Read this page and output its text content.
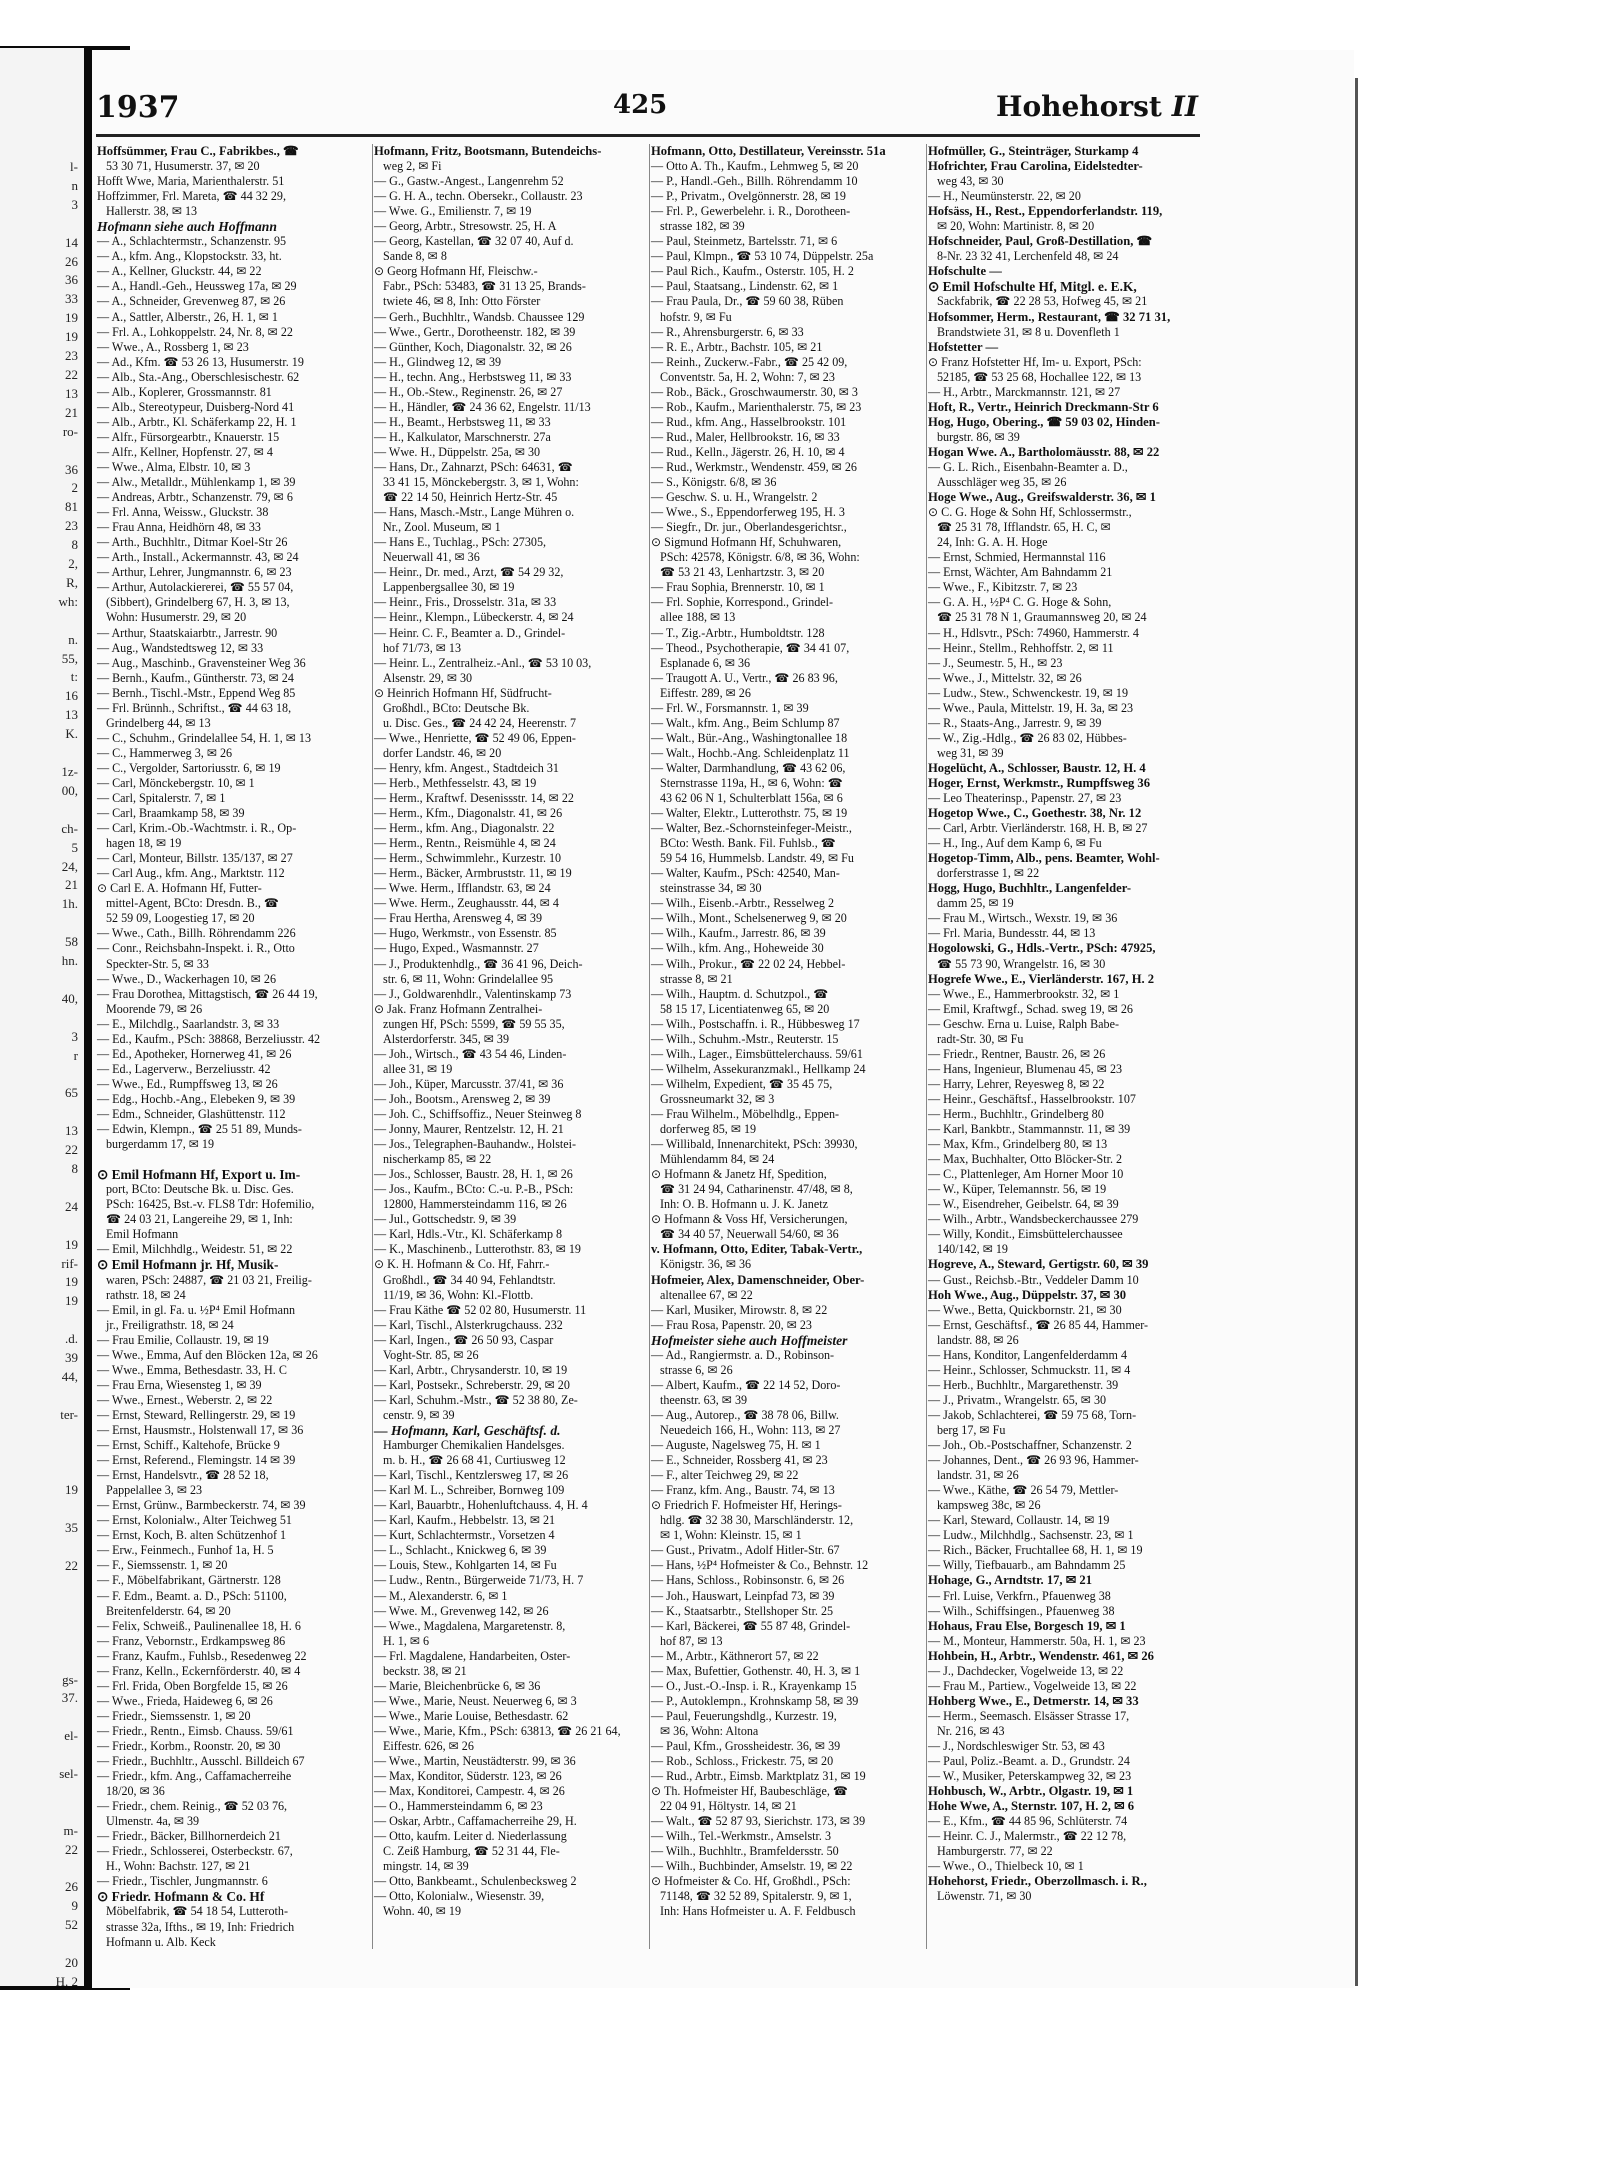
l-
n
3

14
26
36
33
19
19
23
22
13
21
ro-

36
2
81
23
8
2,
R,
wh:

n.
55,
t:
16
13
K.

1z-
00,

ch-
5
24,
21
1h.

58
hn.

40,

3
r

65

13
22
8

24

19
rif-
19
19

.d.
39
44,

ter-

19

35

22

gs-
37.

el-

sel-

m-
22

26
9
52

20
H. 2

1937	425	Hohehorst II
Hoffsümmer, Frau C., Fabrikbes., ☎
53 30 71, Husumerstr. 37, ✉ 20
Hofft Wwe, Maria, Marienthalerstr. 51
Hoffzimmer, Frl. Mareta, ☎ 44 32 29,
Hallerstr. 38, ✉ 13
Hofmann siehe auch Hoffmann
— A., Schlachtermstr., Schanzenstr. 95
— A., kfm. Ang., Klopstockstr. 33, ht.
— A., Kellner, Gluckstr. 44, ✉ 22
— A., Handl.-Geh., Heussweg 17a, ✉ 29
— A., Schneider, Grevenweg 87, ✉ 26
— A., Sattler, Alberstr., 26, H. 1, ✉ 1
— Frl. A., Lohkoppelstr. 24, Nr. 8, ✉ 22
— Wwe., A., Rossberg 1, ✉ 23
— Ad., Kfm. ☎ 53 26 13, Husumerstr. 19
— Alb., Sta.-Ang., Oberschlesischestr. 62
— Alb., Koplerer, Grossmannstr. 81
— Alb., Stereotypeur, Duisberg-Nord 41
— Alb., Arbtr., Kl. Schäferkamp 22, H. 1
— Alfr., Fürsorgearbtr., Knauerstr. 15
— Alfr., Kellner, Hopfenstr. 27, ✉ 4
— Wwe., Alma, Elbstr. 10, ✉ 3
— Alw., Metalldr., Mühlenkamp 1, ✉ 39
— Andreas, Arbtr., Schanzenstr. 79, ✉ 6
— Frl. Anna, Weissw., Gluckstr. 38
— Frau Anna, Heidhörn 48, ✉ 33
— Arth., Buchhltr., Ditmar Koel-Str 26
— Arth., Install., Ackermannstr. 43, ✉ 24
— Arthur, Lehrer, Jungmannstr. 6, ✉ 23
— Arthur, Autolackiererei, ☎ 55 57 04,
(Sibbert), Grindelberg 67, H. 3, ✉ 13,
Wohn: Husumerstr. 29, ✉ 20
— Arthur, Staatskaiarbtr., Jarrestr. 90
— Aug., Wandstedtsweg 12, ✉ 33
— Aug., Maschinb., Gravensteiner Weg 36
— Bernh., Kaufm., Güntherstr. 73, ✉ 24
— Bernh., Tischl.-Mstr., Eppend Weg 85
— Frl. Brünnh., Schriftst., ☎ 44 63 18,
Grindelberg 44, ✉ 13
— C., Schuhm., Grindelallee 54, H. 1, ✉ 13
— C., Hammerweg 3, ✉ 26
— C., Vergolder, Sartoriusstr. 6, ✉ 19
— Carl, Mönckebergstr. 10, ✉ 1
— Carl, Spitalerstr. 7, ✉ 1
— Carl, Braamkamp 58, ✉ 39
— Carl, Krim.-Ob.-Wachtmstr. i. R., Op-
hagen 18, ✉ 19
— Carl, Monteur, Billstr. 135/137, ✉ 27
— Carl Aug., kfm. Ang., Marktstr. 112
⊙ Carl E. A. Hofmann Hf, Futter-
mittel-Agent, BCto: Dresdn. B., ☎
52 59 09, Loogestieg 17, ✉ 20
— Wwe., Cath., Billh. Röhrendamm 226
— Conr., Reichsbahn-Inspekt. i. R., Otto
Speckter-Str. 5, ✉ 33
— Wwe., D., Wackerhagen 10, ✉ 26
— Frau Dorothea, Mittagstisch, ☎ 26 44 19,
Moorende 79, ✉ 26
— E., Milchdlg., Saarlandstr. 3, ✉ 33
— Ed., Kaufm., PSch: 38868, Berzeliusstr. 42
— Ed., Apotheker, Hornerweg 41, ✉ 26
— Ed., Lagerverw., Berzeliusstr. 42
— Wwe., Ed., Rumpffsweg 13, ✉ 26
— Edg., Hochb.-Ang., Elebeken 9, ✉ 39
— Edm., Schneider, Glashüttenstr. 112
— Edwin, Klempn., ☎ 25 51 89, Munds-
burgerdamm 17, ✉ 19

⊙ Emil Hofmann Hf, Export u. Im-
port, BCto: Deutsche Bk. u. Disc. Ges.
PSch: 16425, Bst.-v. FLS8 Tdr: Hofemilio,
☎ 24 03 21, Langereihe 29, ✉ 1, Inh:
Emil Hofmann
— Emil, Milchhdlg., Weidestr. 51, ✉ 22
⊙ Emil Hofmann jr. Hf, Musik-
waren, PSch: 24887, ☎ 21 03 21, Freilig-
rathstr. 18, ✉ 24
— Emil, in gl. Fa. u. ½P⁴ Emil Hofmann
jr., Freiligrathstr. 18, ✉ 24
— Frau Emilie, Collaustr. 19, ✉ 19
— Wwe., Emma, Auf den Blöcken 12a, ✉ 26
— Wwe., Emma, Bethesdastr. 33, H. C
— Frau Erna, Wiesensteg 1, ✉ 39
— Wwe., Ernest., Weberstr. 2, ✉ 22
— Ernst, Steward, Rellingerstr. 29, ✉ 19
— Ernst, Hausmstr., Holstenwall 17, ✉ 36
— Ernst, Schiff., Kaltehofe, Brücke 9
— Ernst, Referend., Flemingstr. 14 ✉ 39
— Ernst, Handelsvtr., ☎ 28 52 18,
Pappelallee 3, ✉ 23
— Ernst, Grünw., Barmbeckerstr. 74, ✉ 39
— Ernst, Kolonialw., Alter Teichweg 51
— Ernst, Koch, B. alten Schützenhof 1
— Erw., Feinmech., Funhof 1a, H. 5
— F., Siemssenstr. 1, ✉ 20
— F., Möbelfabrikant, Gärtnerstr. 128
— F. Edm., Beamt. a. D., PSch: 51100,
Breitenfelderstr. 64, ✉ 20
— Felix, Schweiß., Paulinenallee 18, H. 6
— Franz, Vebornstr., Erdkampsweg 86
— Franz, Kaufm., Fuhlsb., Resedenweg 22
— Franz, Kelln., Eckernförderstr. 40, ✉ 4
— Frl. Frida, Oben Borgfelde 15, ✉ 26
— Wwe., Frieda, Haideweg 6, ✉ 26
— Friedr., Siemssenstr. 1, ✉ 20
— Friedr., Rentn., Eimsb. Chauss. 59/61
— Friedr., Korbm., Roonstr. 20, ✉ 30
— Friedr., Buchhltr., Ausschl. Billdeich 67
— Friedr., kfm. Ang., Caffamacherreihe
18/20, ✉ 36
— Friedr., chem. Reinig., ☎ 52 03 76,
Ulmenstr. 4a, ✉ 39
— Friedr., Bäcker, Billhornerdeich 21
— Friedr., Schlosserei, Osterbeckstr. 67,
H., Wohn: Bachstr. 127, ✉ 21
— Friedr., Tischler, Jungmannstr. 6
⊙ Friedr. Hofmann & Co. Hf
Möbelfabrik, ☎ 54 18 54, Lutteroth-
strasse 32a, Ifths., ✉ 19, Inh: Friedrich
Hofmann u. Alb. Keck
Hofmann, Fritz, Bootsmann, Butendeichs-
weg 2, ✉ Fi
— G., Gastw.-Angest., Langenrehm 52
— G. H. A., techn. Obersekr., Collaustr. 23
— Wwe. G., Emilienstr. 7, ✉ 19
— Georg, Arbtr., Stresowstr. 25, H. A
— Georg, Kastellan, ☎ 32 07 40, Auf d.
Sande 8, ✉ 8
⊙ Georg Hofmann Hf, Fleischw.-
Fabr., PSch: 53483, ☎ 31 13 25, Brands-
twiete 46, ✉ 8, Inh: Otto Förster
— Gerh., Buchhltr., Wandsb. Chaussee 129
— Wwe., Gertr., Dorotheenstr. 182, ✉ 39
— Günther, Koch, Diagonalstr. 32, ✉ 26
— H., Glindweg 12, ✉ 39
— H., techn. Ang., Herbstsweg 11, ✉ 33
— H., Ob.-Stew., Reginenstr. 26, ✉ 27
— H., Händler, ☎ 24 36 62, Engelstr. 11/13
— H., Beamt., Herbstsweg 11, ✉ 33
— H., Kalkulator, Marschnerstr. 27a
— Wwe. H., Düppelstr. 25a, ✉ 30
— Hans, Dr., Zahnarzt, PSch: 64631, ☎
33 41 15, Mönckebergstr. 3, ✉ 1, Wohn:
☎ 22 14 50, Heinrich Hertz-Str. 45
— Hans, Masch.-Mstr., Lange Mühren o.
Nr., Zool. Museum, ✉ 1
— Hans E., Tuchlag., PSch: 27305,
Neuerwall 41, ✉ 36
— Heinr., Dr. med., Arzt, ☎ 54 29 32,
Lappenbergsallee 30, ✉ 19
— Heinr., Fris., Drosselstr. 31a, ✉ 33
— Heinr., Klempn., Lübeckerstr. 4, ✉ 24
— Heinr. C. F., Beamter a. D., Grindel-
hof 71/73, ✉ 13
— Heinr. L., Zentralheiz.-Anl., ☎ 53 10 03,
Alsenstr. 29, ✉ 30
⊙ Heinrich Hofmann Hf, Südfrucht-
Großhdl., BCto: Deutsche Bk.
u. Disc. Ges., ☎ 24 42 24, Heerenstr. 7
— Wwe., Henriette, ☎ 52 49 06, Eppen-
dorfer Landstr. 46, ✉ 20
— Henry, kfm. Angest., Stadtdeich 31
— Herb., Methfesselstr. 43, ✉ 19
— Herm., Kraftwf. Desenissstr. 14, ✉ 22
— Herm., Kfm., Diagonalstr. 41, ✉ 26
— Herm., kfm. Ang., Diagonalstr. 22
— Herm., Rentn., Reismühle 4, ✉ 24
— Herm., Schwimmlehr., Kurzestr. 10
— Herm., Bäcker, Armbruststr. 11, ✉ 19
— Wwe. Herm., Ifflandstr. 63, ✉ 24
— Wwe. Herm., Zeughausstr. 44, ✉ 4
— Frau Hertha, Arensweg 4, ✉ 39
— Hugo, Werkmstr., von Essenstr. 85
— Hugo, Exped., Wasmannstr. 27
— J., Produktenhdlg., ☎ 36 41 96, Deich-
str. 6, ✉ 11, Wohn: Grindelallee 95
— J., Goldwarenhdlr., Valentinskamp 73
⊙ Jak. Franz Hofmann Zentralhei-
zungen Hf, PSch: 5599, ☎ 59 55 35,
Alsterdorferstr. 345, ✉ 39
— Joh., Wirtsch., ☎ 43 54 46, Linden-
allee 31, ✉ 19
— Joh., Küper, Marcusstr. 37/41, ✉ 36
— Joh., Bootsm., Arensweg 2, ✉ 39
— Joh. C., Schiffsoffiz., Neuer Steinweg 8
— Jonny, Maurer, Rentzelstr. 12, H. 21
— Jos., Telegraphen-Bauhandw., Holstei-
nischerkamp 85, ✉ 22
— Jos., Schlosser, Baustr. 28, H. 1, ✉ 26
— Jos., Kaufm., BCto: C.-u. P.-B., PSch:
12800, Hammersteindamm 116, ✉ 26
— Jul., Gottschedstr. 9, ✉ 39
— Karl, Hdls.-Vtr., Kl. Schäferkamp 8
— K., Maschinenb., Lutterothstr. 83, ✉ 19
⊙ K. H. Hofmann & Co. Hf, Fahrr.-
Großhdl., ☎ 34 40 94, Fehlandtstr.
11/19, ✉ 36, Wohn: Kl.-Flottb.
— Frau Käthe ☎ 52 02 80, Husumerstr. 11
— Karl, Tischl., Alsterkrugchauss. 232
— Karl, Ingen., ☎ 26 50 93, Caspar
Voght-Str. 85, ✉ 26
— Karl, Arbtr., Chrysanderstr. 10, ✉ 19
— Karl, Postsekr., Schreberstr. 29, ✉ 20
— Karl, Schuhm.-Mstr., ☎ 52 38 80, Ze-
censtr. 9, ✉ 39
— Hofmann, Karl, Geschäftsf. d.
Hamburger Chemikalien Handelsges.
m. b. H., ☎ 26 68 41, Curtiusweg 12
— Karl, Tischl., Kentzlersweg 17, ✉ 26
— Karl M. L., Schreiber, Bornweg 109
— Karl, Bauarbtr., Hohenluftchauss. 4, H. 4
— Karl, Kaufm., Hebbelstr. 13, ✉ 21
— Kurt, Schlachtermstr., Vorsetzen 4
— L., Schlacht., Knickweg 6, ✉ 39
— Louis, Stew., Kohlgarten 14, ✉ Fu
— Ludw., Rentn., Bürgerweide 71/73, H. 7
— M., Alexanderstr. 6, ✉ 1
— Wwe. M., Grevenweg 142, ✉ 26
— Wwe., Magdalena, Margaretenstr. 8,
H. 1, ✉ 6
— Frl. Magdalene, Handarbeiten, Oster-
beckstr. 38, ✉ 21
— Marie, Bleichenbrücke 6, ✉ 36
— Wwe., Marie, Neust. Neuerweg 6, ✉ 3
— Wwe., Marie Louise, Bethesdastr. 62
— Wwe., Marie, Kfm., PSch: 63813, ☎ 26 21 64,
Eiffestr. 626, ✉ 26
— Wwe., Martin, Neustädterstr. 99, ✉ 36
— Max, Konditor, Süderstr. 123, ✉ 26
— Max, Konditorei, Campestr. 4, ✉ 26
— O., Hammersteindamm 6, ✉ 23
— Oskar, Arbtr., Caffamacherreihe 29, H.
— Otto, kaufm. Leiter d. Niederlassung
C. Zeiß Hamburg, ☎ 52 31 44, Fle-
mingstr. 14, ✉ 39
— Otto, Bankbeamt., Schulenbecksweg 2
— Otto, Kolonialw., Wiesenstr. 39,
Wohn. 40, ✉ 19
Hofmann, Otto, Destillateur, Vereinsstr. 51a
— Otto A. Th., Kaufm., Lehmweg 5, ✉ 20
— P., Handl.-Geh., Billh. Röhrendamm 10
— P., Privatm., Ovelgönnerstr. 28, ✉ 19
— Frl. P., Gewerbelehr. i. R., Dorotheen-
strasse 182, ✉ 39
— Paul, Steinmetz, Bartelsstr. 71, ✉ 6
— Paul, Klmpn., ☎ 53 10 74, Düppelstr. 25a
— Paul Rich., Kaufm., Osterstr. 105, H. 2
— Paul, Staatsang., Lindenstr. 62, ✉ 1
— Frau Paula, Dr., ☎ 59 60 38, Rüben
hofstr. 9, ✉ Fu
— R., Ahrensburgerstr. 6, ✉ 33
— R. E., Arbtr., Bachstr. 105, ✉ 21
— Reinh., Zuckerw.-Fabr., ☎ 25 42 09,
Conventstr. 5a, H. 2, Wohn: 7, ✉ 23
— Rob., Bäck., Groschwaumerstr. 30, ✉ 3
— Rob., Kaufm., Marienthalerstr. 75, ✉ 23
— Rud., kfm. Ang., Hasselbrookstr. 101
— Rud., Maler, Hellbrookstr. 16, ✉ 33
— Rud., Kelln., Jägerstr. 26, H. 10, ✉ 4
— Rud., Werkmstr., Wendenstr. 459, ✉ 26
— S., Königstr. 6/8, ✉ 36
— Geschw. S. u. H., Wrangelstr. 2
— Wwe., S., Eppendorferweg 195, H. 3
— Siegfr., Dr. jur., Oberlandesgerichtsr.,
⊙ Sigmund Hofmann Hf, Schuhwaren,
PSch: 42578, Königstr. 6/8, ✉ 36, Wohn:
☎ 53 21 43, Lenhartzstr. 3, ✉ 20
— Frau Sophia, Brennerstr. 10, ✉ 1
— Frl. Sophie, Korrespond., Grindel-
allee 188, ✉ 13
— T., Zig.-Arbtr., Humboldtstr. 128
— Theod., Psychotherapie, ☎ 34 41 07,
Esplanade 6, ✉ 36
— Traugott A. U., Vertr., ☎ 26 83 96,
Eiffestr. 289, ✉ 26
— Frl. W., Forsmannstr. 1, ✉ 39
— Walt., kfm. Ang., Beim Schlump 87
— Walt., Bür.-Ang., Washingtonallee 18
— Walt., Hochb.-Ang. Schleidenplatz 11
— Walter, Darmhandlung, ☎ 43 62 06,
Sternstrasse 119a, H., ✉ 6, Wohn: ☎
43 62 06 N 1, Schulterblatt 156a, ✉ 6
— Walter, Elektr., Lutterothstr. 75, ✉ 19
— Walter, Bez.-Schornsteinfeger-Meistr.,
BCto: Westh. Bank. Fil. Fuhlsb., ☎
59 54 16, Hummelsb. Landstr. 49, ✉ Fu
— Walter, Kaufm., PSch: 42540, Man-
steinstrasse 34, ✉ 30
— Wilh., Eisenb.-Arbtr., Resselweg 2
— Wilh., Mont., Schelsenerweg 9, ✉ 20
— Wilh., Kaufm., Jarrestr. 86, ✉ 39
— Wilh., kfm. Ang., Hoheweide 30
— Wilh., Prokur., ☎ 22 02 24, Hebbel-
strasse 8, ✉ 21
— Wilh., Hauptm. d. Schutzpol., ☎
58 15 17, Licentiatenweg 65, ✉ 20
— Wilh., Postschaffn. i. R., Hübbesweg 17
— Wilh., Schuhm.-Mstr., Reuterstr. 15
— Wilh., Lager., Eimsbüttelerchauss. 59/61
— Wilhelm, Assekuranzmakl., Hellkamp 24
— Wilhelm, Expedient, ☎ 35 45 75,
Grossneumarkt 32, ✉ 3
— Frau Wilhelm., Möbelhdlg., Eppen-
dorferweg 85, ✉ 19
— Willibald, Innenarchitekt, PSch: 39930,
Mühlendamm 84, ✉ 24
⊙ Hofmann & Janetz Hf, Spedition,
☎ 31 24 94, Catharinenstr. 47/48, ✉ 8,
Inh: O. B. Hofmann u. J. K. Janetz
⊙ Hofmann & Voss Hf, Versicherungen,
☎ 34 40 57, Neuerwall 54/60, ✉ 36
v. Hofmann, Otto, Editer, Tabak-Vertr.,
Königstr. 36, ✉ 36
Hofmeier, Alex, Damenschneider, Ober-
altenallee 67, ✉ 22
— Karl, Musiker, Mirowstr. 8, ✉ 22
— Frau Rosa, Papenstr. 20, ✉ 23
Hofmeister siehe auch Hoffmeister
— Ad., Rangiermstr. a. D., Robinson-
strasse 6, ✉ 26
— Albert, Kaufm., ☎ 22 14 52, Doro-
theenstr. 63, ✉ 39
— Aug., Autorep., ☎ 38 78 06, Billw.
Neuedeich 166, H., Wohn: 113, ✉ 27
— Auguste, Nagelsweg 75, H. ✉ 1
— E., Schneider, Rossberg 41, ✉ 23
— F., alter Teichweg 29, ✉ 22
— Franz, kfm. Ang., Baustr. 74, ✉ 13
⊙ Friedrich F. Hofmeister Hf, Herings-
hdlg. ☎ 32 38 30, Marschländerstr. 12,
✉ 1, Wohn: Kleinstr. 15, ✉ 1
— Gust., Privatm., Adolf Hitler-Str. 67
— Hans, ½P⁴ Hofmeister & Co., Behnstr. 12
— Hans, Schloss., Robinsonstr. 6, ✉ 26
— Joh., Hauswart, Leinpfad 73, ✉ 39
— K., Staatsarbtr., Stellshoper Str. 25
— Karl, Bäckerei, ☎ 55 87 48, Grindel-
hof 87, ✉ 13
— M., Arbtr., Käthnerort 57, ✉ 22
— Max, Bufettier, Gothenstr. 40, H. 3, ✉ 1
— O., Just.-O.-Insp. i. R., Krayenkamp 15
— P., Autoklempn., Krohnskamp 58, ✉ 39
— Paul, Feuerungshdlg., Kurzestr. 19,
✉ 36, Wohn: Altona
— Paul, Kfm., Grossheidestr. 36, ✉ 39
— Rob., Schloss., Frickestr. 75, ✉ 20
— Rud., Arbtr., Eimsb. Marktplatz 31, ✉ 19
⊙ Th. Hofmeister Hf, Baubeschläge, ☎
22 04 91, Höltystr. 14, ✉ 21
— Walt., ☎ 52 87 93, Sierichstr. 173, ✉ 39
— Wilh., Tel.-Werkmstr., Amselstr. 3
— Wilh., Buchhltr., Bramfeldersstr. 50
— Wilh., Buchbinder, Amselstr. 19, ✉ 22
⊙ Hofmeister & Co. Hf, Großhdl., PSch:
71148, ☎ 32 52 89, Spitalerstr. 9, ✉ 1,
Inh: Hans Hofmeister u. A. F. Feldbusch
Hofmüller, G., Steinträger, Sturkamp 4
Hofrichter, Frau Carolina, Eidelstedter-
weg 43, ✉ 30
— H., Neumünsterstr. 22, ✉ 20
Hofsäss, H., Rest., Eppendorferlandstr. 119,
✉ 20, Wohn: Martinistr. 8, ✉ 20
Hofschneider, Paul, Groß-Destillation, ☎
8-Nr. 23 32 41, Lerchenfeld 48, ✉ 24
Hofschulte —
⊙ Emil Hofschulte Hf, Mitgl. e. E.K,
Sackfabrik, ☎ 22 28 53, Hofweg 45, ✉ 21
Hofsommer, Herm., Restaurant, ☎ 32 71 31,
Brandstwiete 31, ✉ 8 u. Dovenfleth 1
Hofstetter —
⊙ Franz Hofstetter Hf, Im- u. Export, PSch:
52185, ☎ 53 25 68, Hochallee 122, ✉ 13
— H., Arbtr., Marckmannstr. 121, ✉ 27
Hoft, R., Vertr., Heinrich Dreckmann-Str 6
Hog, Hugo, Obering., ☎ 59 03 02, Hinden-
burgstr. 86, ✉ 39
Hogan Wwe. A., Bartholomäusstr. 88, ✉ 22
— G. L. Rich., Eisenbahn-Beamter a. D.,
Ausschläger weg 35, ✉ 26
Hoge Wwe., Aug., Greifswalderstr. 36, ✉ 1
⊙ C. G. Hoge & Sohn Hf, Schlossermstr.,
☎ 25 31 78, Ifflandstr. 65, H. C, ✉
24, Inh: G. A. H. Hoge
— Ernst, Schmied, Hermannstal 116
— Ernst, Wächter, Am Bahndamm 21
— Wwe., F., Kibitzstr. 7, ✉ 23
— G. A. H., ½P⁴ C. G. Hoge & Sohn,
☎ 25 31 78 N 1, Graumannsweg 20, ✉ 24
— H., Hdlsvtr., PSch: 74960, Hammerstr. 4
— Heinr., Stellm., Rehhoffstr. 2, ✉ 11
— J., Seumestr. 5, H., ✉ 23
— Wwe., J., Mittelstr. 32, ✉ 26
— Ludw., Stew., Schwenckestr. 19, ✉ 19
— Wwe., Paula, Mittelstr. 19, H. 3a, ✉ 23
— R., Staats-Ang., Jarrestr. 9, ✉ 39
— W., Zig.-Hdlg., ☎ 26 83 02, Hübbes-
weg 31, ✉ 39
Hogelücht, A., Schlosser, Baustr. 12, H. 4
Hoger, Ernst, Werkmstr., Rumpffsweg 36
— Leo Theaterinsp., Papenstr. 27, ✉ 23
Hogetop Wwe., C., Goethestr. 38, Nr. 12
— Carl, Arbtr. Vierländerstr. 168, H. B, ✉ 27
— H., Ing., Auf dem Kamp 6, ✉ Fu
Hogetop-Timm, Alb., pens. Beamter, Wohl-
dorferstrasse 1, ✉ 22
Hogg, Hugo, Buchhltr., Langenfelder-
damm 25, ✉ 19
— Frau M., Wirtsch., Wexstr. 19, ✉ 36
— Frl. Maria, Bundesstr. 44, ✉ 13
Hogolowski, G., Hdls.-Vertr., PSch: 47925,
☎ 55 73 90, Wrangelstr. 16, ✉ 30
Hogrefe Wwe., E., Vierländerstr. 167, H. 2
— Wwe., E., Hammerbrookstr. 32, ✉ 1
— Emil, Kraftwgf., Schad. sweg 19, ✉ 26
— Geschw. Erna u. Luise, Ralph Babe-
radt-Str. 30, ✉ Fu
— Friedr., Rentner, Baustr. 26, ✉ 26
— Hans, Ingenieur, Blumenau 45, ✉ 23
— Harry, Lehrer, Reyesweg 8, ✉ 22
— Heinr., Geschäftsf., Hasselbrookstr. 107
— Herm., Buchhltr., Grindelberg 80
— Karl, Bankbtr., Stammannstr. 11, ✉ 39
— Max, Kfm., Grindelberg 80, ✉ 13
— Max, Buchhalter, Otto Blöcker-Str. 2
— C., Plattenleger, Am Horner Moor 10
— W., Küper, Telemannstr. 56, ✉ 19
— W., Eisendreher, Geibelstr. 64, ✉ 39
— Wilh., Arbtr., Wandsbeckerchaussee 279
— Willy, Kondit., Eimsbüttelerchaussee
140/142, ✉ 19
Hogreve, A., Steward, Gertigstr. 60, ✉ 39
— Gust., Reichsb.-Btr., Veddeler Damm 10
Hoh Wwe., Aug., Düppelstr. 37, ✉ 30
— Wwe., Betta, Quickbornstr. 21, ✉ 30
— Ernst, Geschäftsf., ☎ 26 85 44, Hammer-
landstr. 88, ✉ 26
— Hans, Konditor, Langenfelderdamm 4
— Heinr., Schlosser, Schmuckstr. 11, ✉ 4
— Herb., Buchhltr., Margarethenstr. 39
— J., Privatm., Wrangelstr. 65, ✉ 30
— Jakob, Schlachterei, ☎ 59 75 68, Torn-
berg 17, ✉ Fu
— Joh., Ob.-Postschaffner, Schanzenstr. 2
— Johannes, Dent., ☎ 26 93 96, Hammer-
landstr. 31, ✉ 26
— Wwe., Käthe, ☎ 26 54 79, Mettler-
kampsweg 38c, ✉ 26
— Karl, Steward, Collaustr. 14, ✉ 19
— Ludw., Milchhdlg., Sachsenstr. 23, ✉ 1
— Rich., Bäcker, Fruchtallee 68, H. 1, ✉ 19
— Willy, Tiefbauarb., am Bahndamm 25
Hohage, G., Arndtstr. 17, ✉ 21
— Frl. Luise, Verkfrn., Pfauenweg 38
— Wilh., Schiffsingen., Pfauenweg 38
Hohaus, Frau Else, Borgesch 19, ✉ 1
— M., Monteur, Hammerstr. 50a, H. 1, ✉ 23
Hohbein, H., Arbtr., Wendenstr. 461, ✉ 26
— J., Dachdecker, Vogelweide 13, ✉ 22
— Frau M., Partiew., Vogelweide 13, ✉ 22
Hohberg Wwe., E., Detmerstr. 14, ✉ 33
— Herm., Seemasch. Elsässer Strasse 17,
Nr. 216, ✉ 43
— J., Nordschleswiger Str. 53, ✉ 43
— Paul, Poliz.-Beamt. a. D., Grundstr. 24
— W., Musiker, Peterskampweg 32, ✉ 23
Hohbusch, W., Arbtr., Olgastr. 19, ✉ 1
Hohe Wwe, A., Sternstr. 107, H. 2, ✉ 6
— E., Kfm., ☎ 44 85 96, Schlüterstr. 74
— Heinr. C. J., Malermstr., ☎ 22 12 78,
Hamburgerstr. 77, ✉ 22
— Wwe., O., Thielbeck 10, ✉ 1
Hohehorst, Friedr., Oberzollmasch. i. R.,
Löwenstr. 71, ✉ 30
